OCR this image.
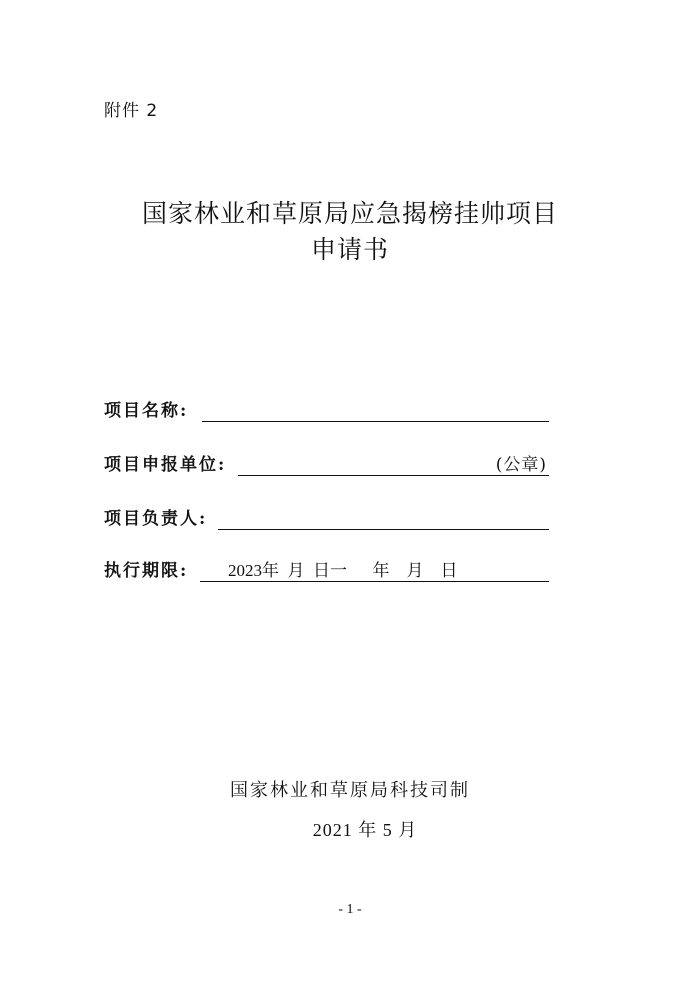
附件 2
国家林业和草原局应急揭榜挂帅项目
申请书
项目名称:
项目申报单位:	(公章)
项目负责人:
执行期限: 2023年  月  日一      年    月    日
国家林业和草原局科技司制
2021 年 5 月
- 1 -
